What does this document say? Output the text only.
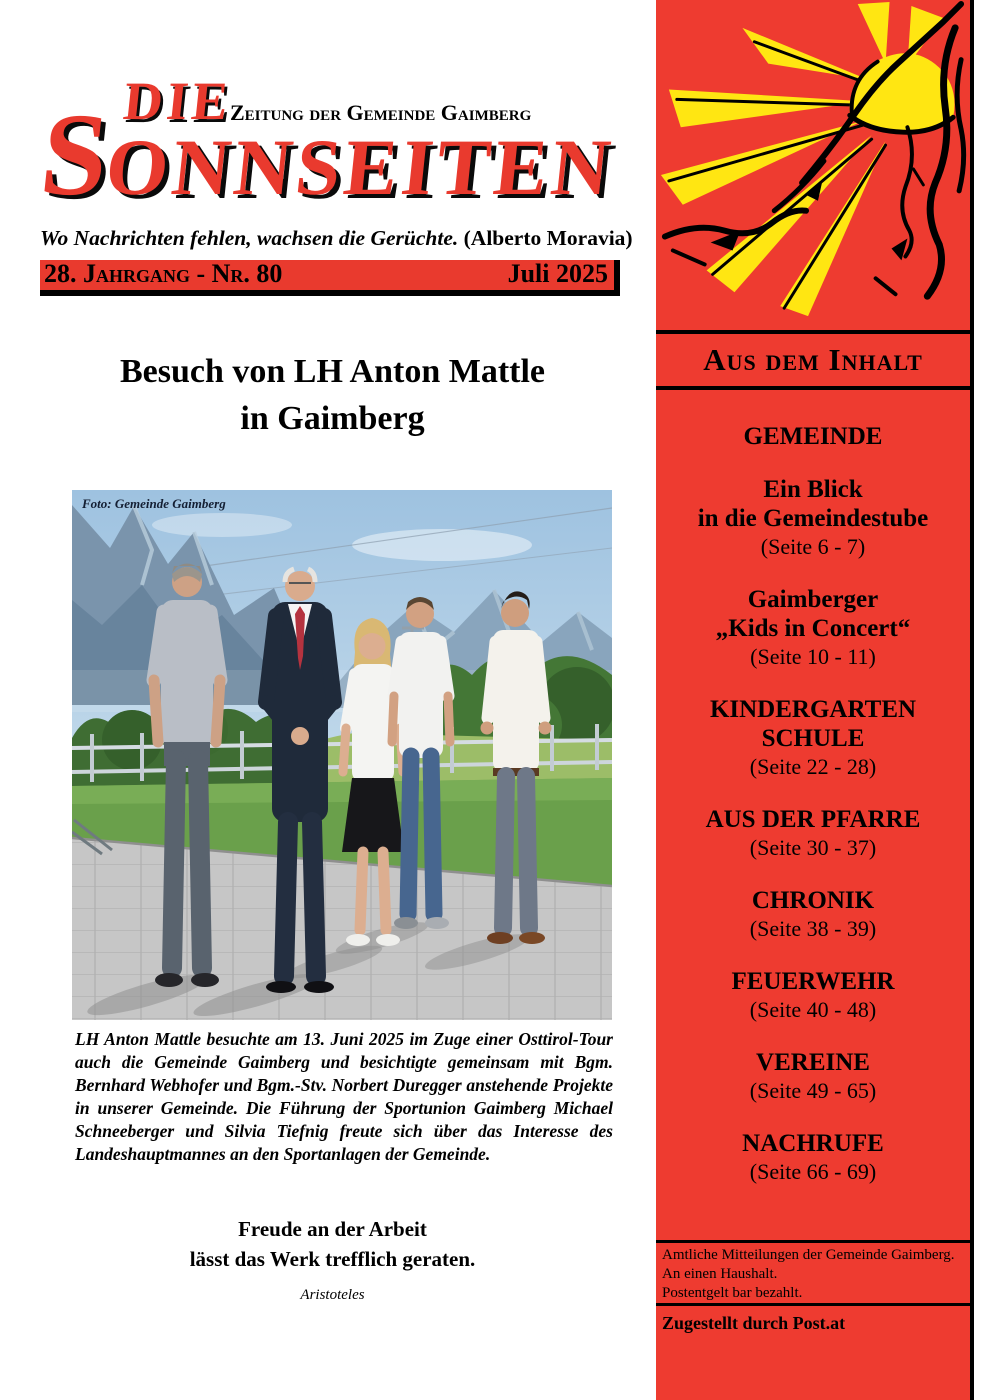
DIE
SONNSEITEN
Zeitung der Gemeinde Gaimberg
Wo Nachrichten fehlen, wachsen die Gerüchte. (Alberto Moravia)
28. Jahrgang - Nr. 80	Juli 2025
Besuch von LH Anton Mattle
in Gaimberg
Foto: Gemeinde Gaimberg
LH Anton Mattle besuchte am 13. Juni 2025 im Zuge einer Osttirol-Tour auch die Gemeinde Gaimberg und besichtigte gemeinsam mit Bgm. Bernhard Webhofer und Bgm.-Stv. Norbert Duregger anstehende Projekte in unserer Gemeinde. Die Führung der Sportunion Gaimberg Michael Schneeberger und Silvia Tiefnig freute sich über das Interesse des Landeshauptmannes an den Sportanlagen der Gemeinde.
Freude an der Arbeit
lässt das Werk trefflich geraten.
Aristoteles
Aus dem Inhalt
GEMEINDE
Ein Blick
in die Gemeindestube
(Seite 6 - 7)
Gaimberger
„Kids in Concert“
(Seite 10 - 11)
KINDERGARTEN
SCHULE
(Seite 22 - 28)
AUS DER PFARRE
(Seite 30 - 37)
CHRONIK
(Seite 38 - 39)
FEUERWEHR
(Seite 40 - 48)
VEREINE
(Seite 49 - 65)
NACHRUFE
(Seite 66 - 69)
Amtliche Mitteilungen der Gemeinde Gaimberg.
An einen Haushalt.
Postentgelt bar bezahlt.
Zugestellt durch Post.at
